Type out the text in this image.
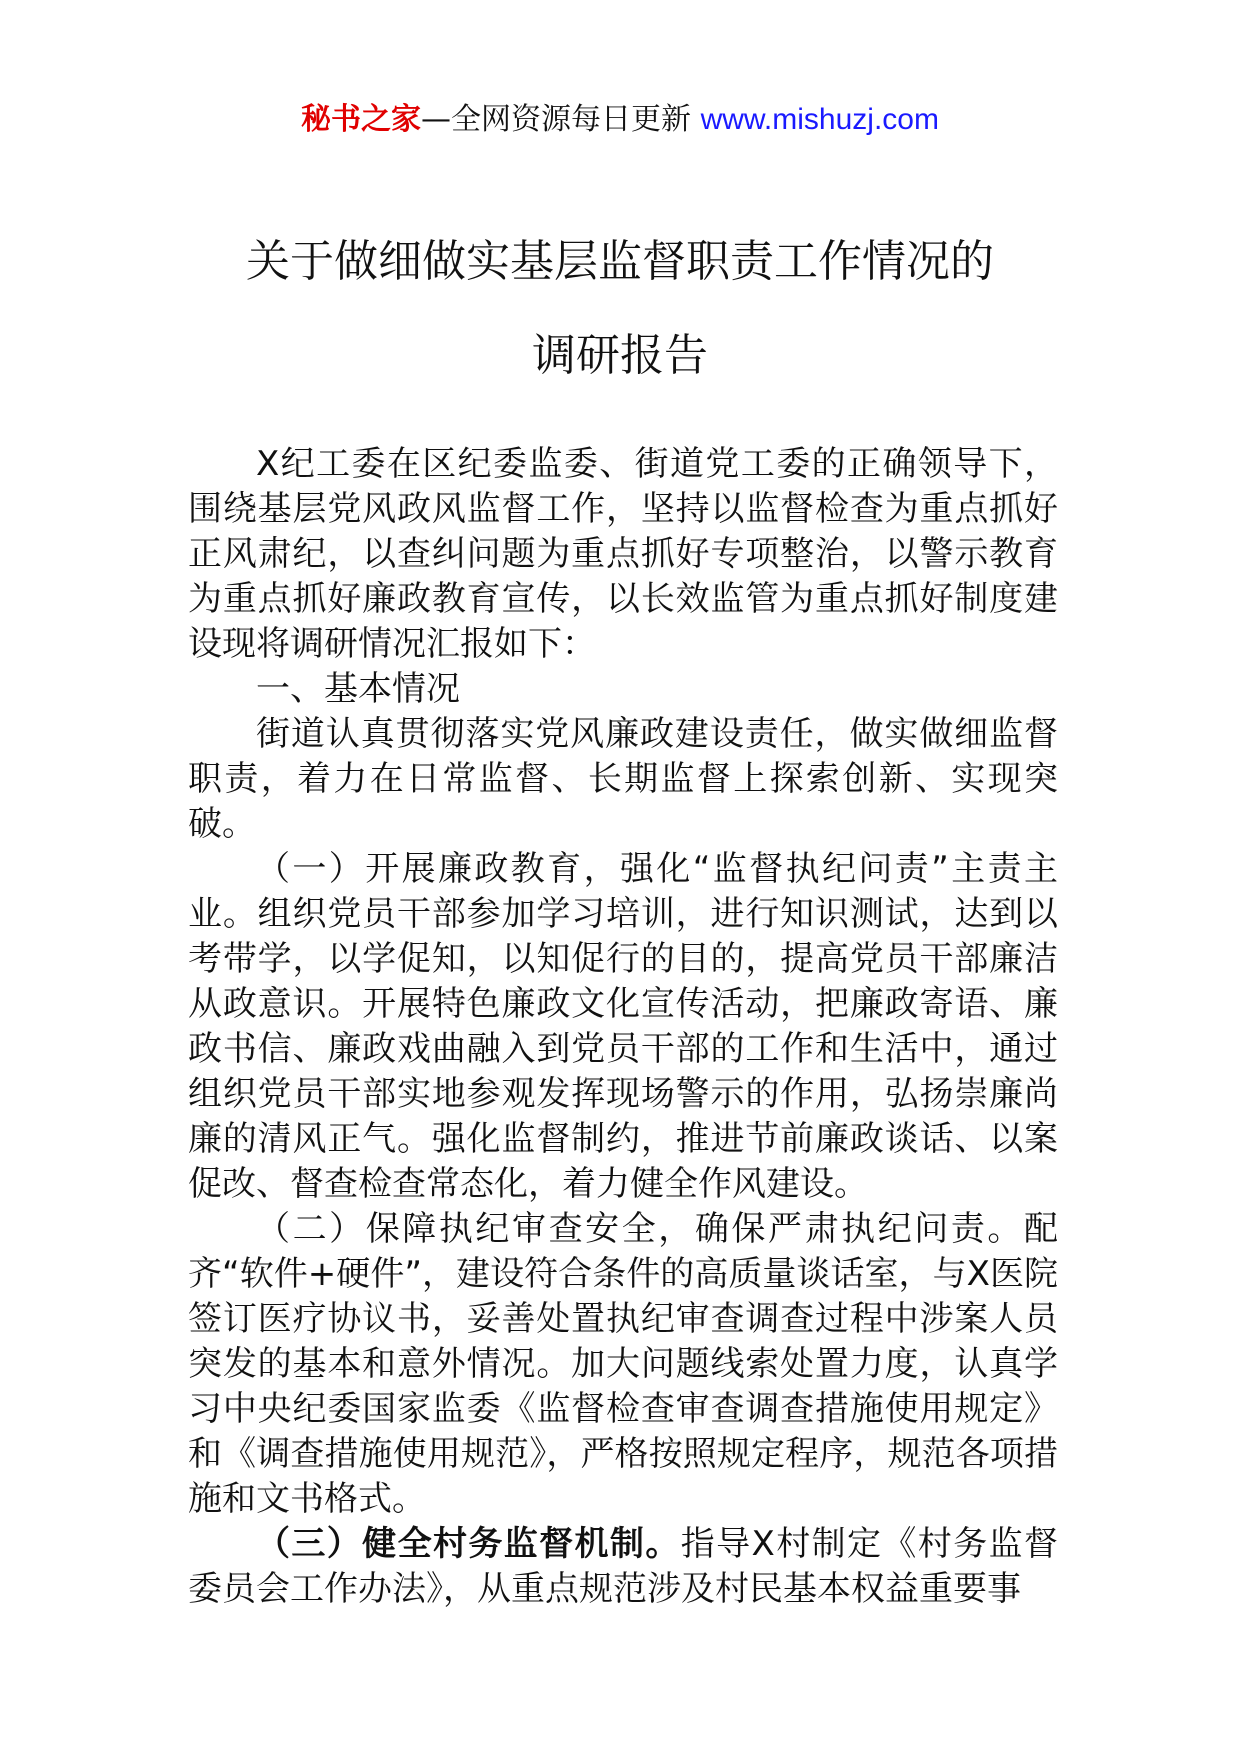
秘书之家—全网资源每日更新 www.mishuzj.com
关于做细做实基层监督职责工作情况的
调研报告

X纪工委在区纪委监委、街道党工委的正确领导下，围绕基层党风政风监督工作，坚持以监督检查为重点抓好正风肃纪，以查纠问题为重点抓好专项整治，以警示教育为重点抓好廉政教育宣传，以长效监管为重点抓好制度建设现将调研情况汇报如下：

一、基本情况

街道认真贯彻落实党风廉政建设责任，做实做细监督职责，着力在日常监督、长期监督上探索创新、实现突破。

（一）开展廉政教育，强化“监督执纪问责”主责主业。组织党员干部参加学习培训，进行知识测试，达到以考带学，以学促知，以知促行的目的，提高党员干部廉洁从政意识。开展特色廉政文化宣传活动，把廉政寄语、廉政书信、廉政戏曲融入到党员干部的工作和生活中，通过组织党员干部实地参观发挥现场警示的作用，弘扬崇廉尚廉的清风正气。强化监督制约，推进节前廉政谈话、以案促改、督查检查常态化，着力健全作风建设。

（二）保障执纪审查安全，确保严肃执纪问责。配齐“软件+硬件”，建设符合条件的高质量谈话室，与X医院签订医疗协议书，妥善处置执纪审查调查过程中涉案人员突发的基本和意外情况。加大问题线索处置力度，认真学习中央纪委国家监委《监督检查审查调查措施使用规定》和《调查措施使用规范》，严格按照规定程序，规范各项措施和文书格式。

（三）健全村务监督机制。指导X村制定《村务监督委员会工作办法》，从重点规范涉及村民基本权益重要事
